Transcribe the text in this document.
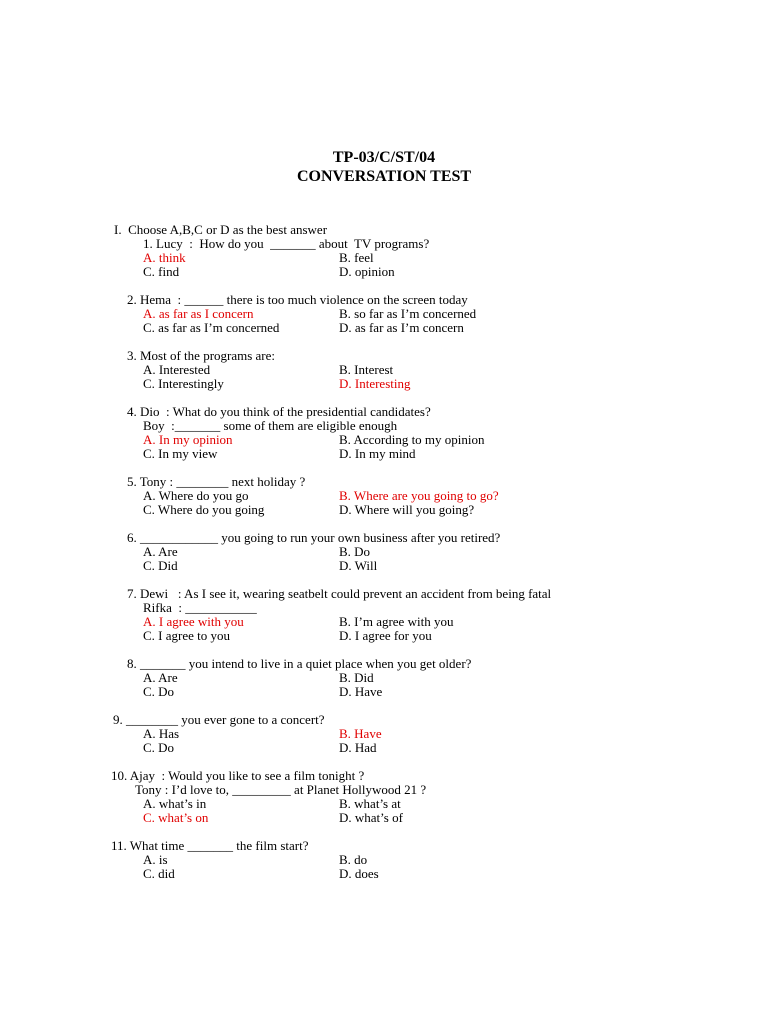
TP-03/C/ST/04
CONVERSATION TEST
I.  Choose A,B,C or D as the best answer
1. Lucy  :  How do you  _______ about  TV programs?
A. think	B. feel
C. find	D. opinion
2. Hema  : ______ there is too much violence on the screen today
A. as far as I concern	B. so far as I’m concerned
C. as far as I’m concerned	D. as far as I’m concern
3. Most of the programs are:
A. Interested	B. Interest
C. Interestingly	D. Interesting
4. Dio  : What do you think of the presidential candidates?
Boy  :_______ some of them are eligible enough
A. In my opinion	B. According to my opinion
C. In my view	D. In my mind
5. Tony : ________ next holiday ?
A. Where do you go	B. Where are you going to go?
C. Where do you going	D. Where will you going?
6. ____________ you going to run your own business after you retired?
A. Are	B. Do
C. Did	D. Will
7. Dewi   : As I see it, wearing seatbelt could prevent an accident from being fatal
Rifka  : ___________
A. I agree with you	B. I’m agree with you
C. I agree to you	D. I agree for you
8. _______ you intend to live in a quiet place when you get older?
A. Are	B. Did
C. Do	D. Have
9. ________ you ever gone to a concert?
A. Has	B. Have
C. Do	D. Had
10. Ajay  : Would you like to see a film tonight ?
Tony : I’d love to, _________ at Planet Hollywood 21 ?
A. what’s in	B. what’s at
C. what’s on	D. what’s of
11. What time _______ the film start?
A. is	B. do
C. did	D. does
